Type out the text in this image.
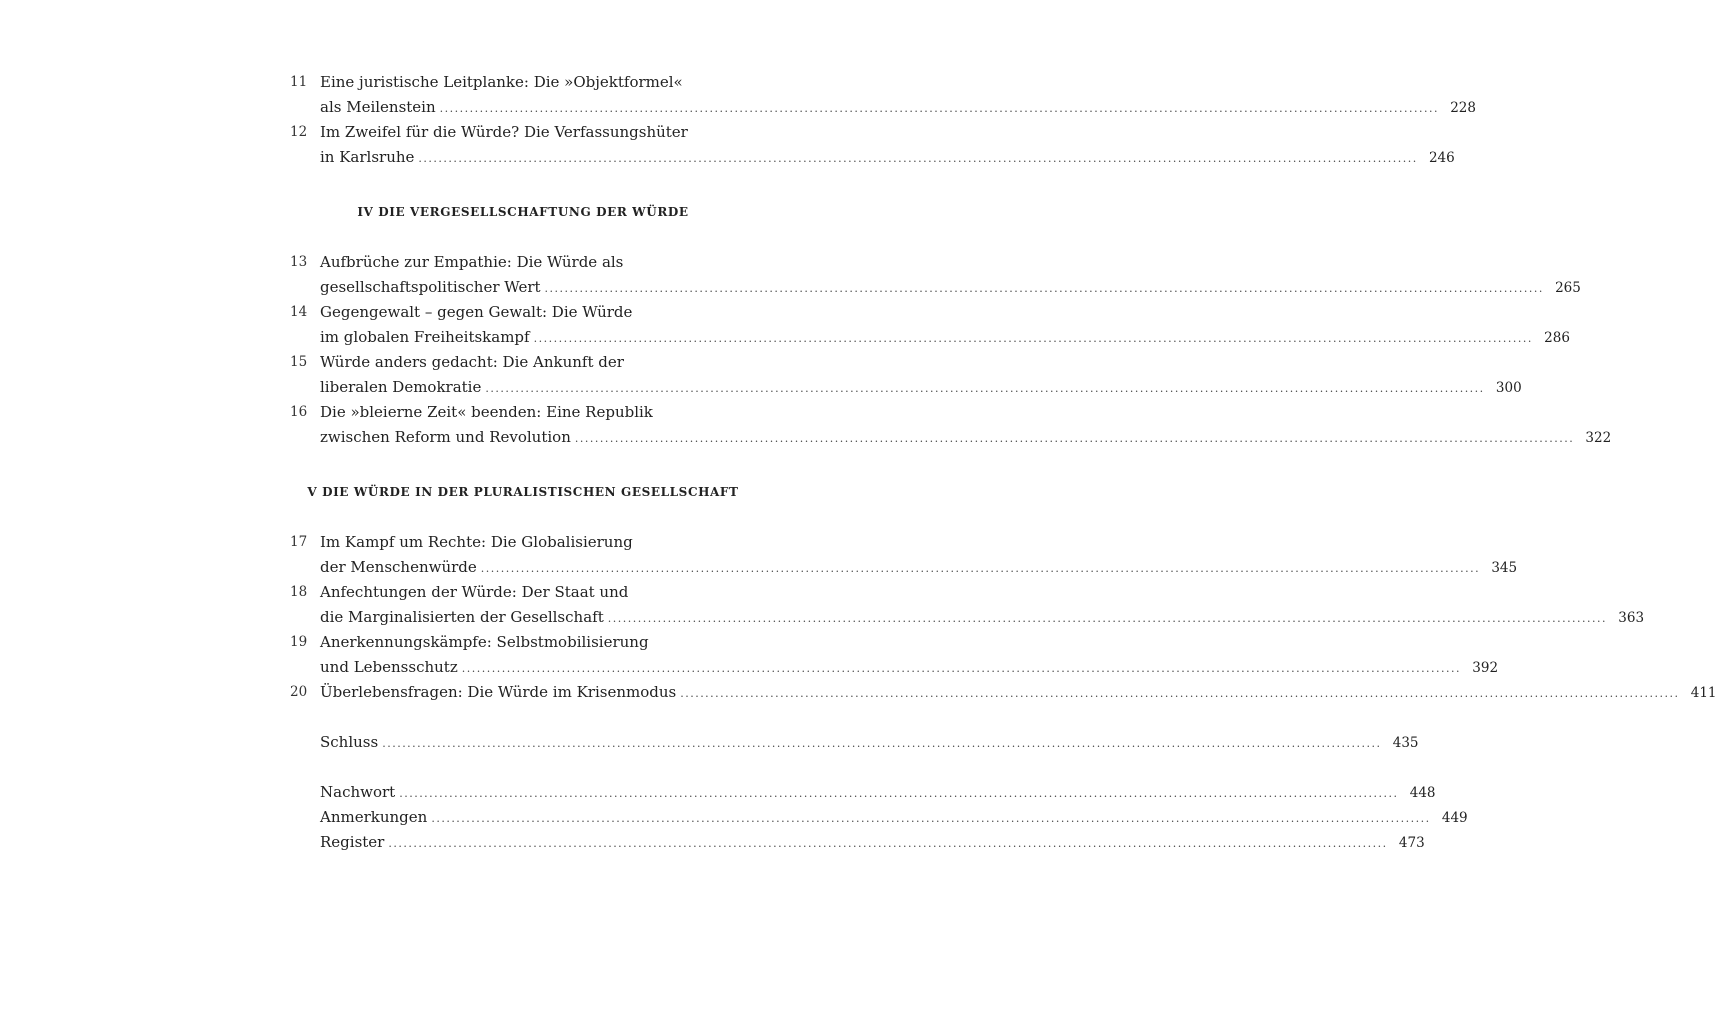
11 Eine juristische Leitplanke: Die »Objektformel«
als Meilenstein ........................................................................................................................................................................................................ 228
12 Im Zweifel für die Würde? Die Verfassungshüter
in Karlsruhe ........................................................................................................................................................................................................ 246
IV DIE VERGESELLSCHAFTUNG DER WÜRDE
13 Aufbrüche zur Empathie: Die Würde als
gesellschaftspolitischer Wert ........................................................................................................................................................................................................ 265
14 Gegengewalt – gegen Gewalt: Die Würde
im globalen Freiheitskampf ........................................................................................................................................................................................................ 286
15 Würde anders gedacht: Die Ankunft der
liberalen Demokratie ........................................................................................................................................................................................................ 300
16 Die »bleierne Zeit« beenden: Eine Republik
zwischen Reform und Revolution ........................................................................................................................................................................................................ 322
V DIE WÜRDE IN DER PLURALISTISCHEN GESELLSCHAFT
17 Im Kampf um Rechte: Die Globalisierung
der Menschenwürde ........................................................................................................................................................................................................ 345
18 Anfechtungen der Würde: Der Staat und
die Marginalisierten der Gesellschaft ........................................................................................................................................................................................................ 363
19 Anerkennungskämpfe: Selbstmobilisierung
und Lebensschutz ........................................................................................................................................................................................................ 392
20 Überlebensfragen: Die Würde im Krisenmodus ........................................................................................................................................................................................................ 411
Schluss ........................................................................................................................................................................................................ 435
Nachwort ........................................................................................................................................................................................................ 448
Anmerkungen ........................................................................................................................................................................................................ 449
Register ........................................................................................................................................................................................................ 473
